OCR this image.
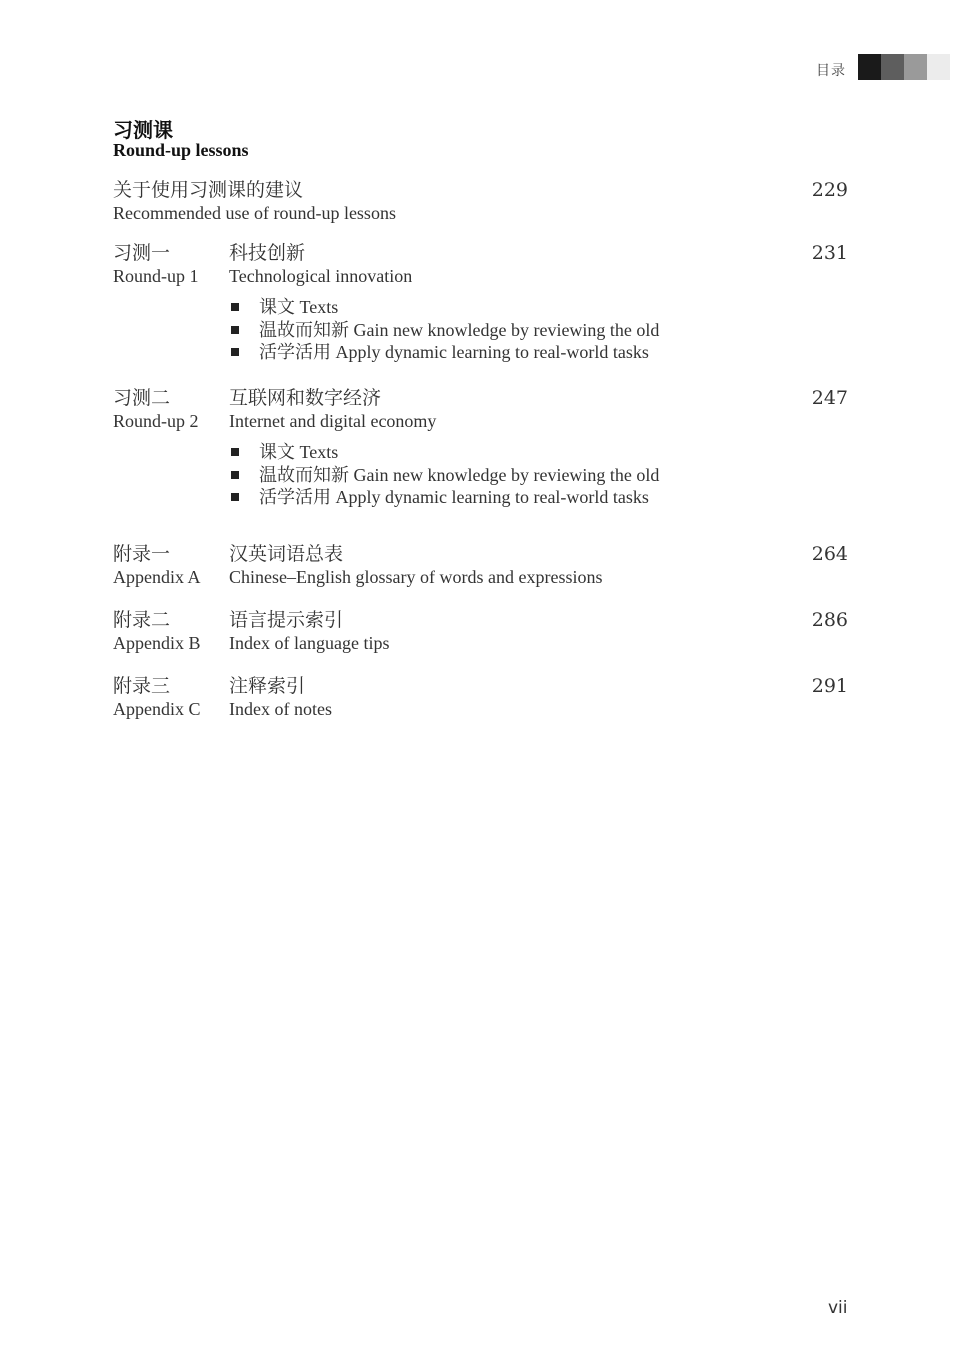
目录
习测课
Round-up lessons
关于使用习测课的建议	229
Recommended use of round-up lessons
习测一	科技创新	231
Round-up 1	Technological innovation
课文 Texts
温故而知新 Gain new knowledge by reviewing the old
活学活用 Apply dynamic learning to real-world tasks
习测二	互联网和数字经济	247
Round-up 2	Internet and digital economy
课文 Texts
温故而知新 Gain new knowledge by reviewing the old
活学活用 Apply dynamic learning to real-world tasks
附录一	汉英词语总表	264
Appendix A	Chinese–English glossary of words and expressions
附录二	语言提示索引	286
Appendix B	Index of language tips
附录三	注释索引	291
Appendix C	Index of notes
vii
